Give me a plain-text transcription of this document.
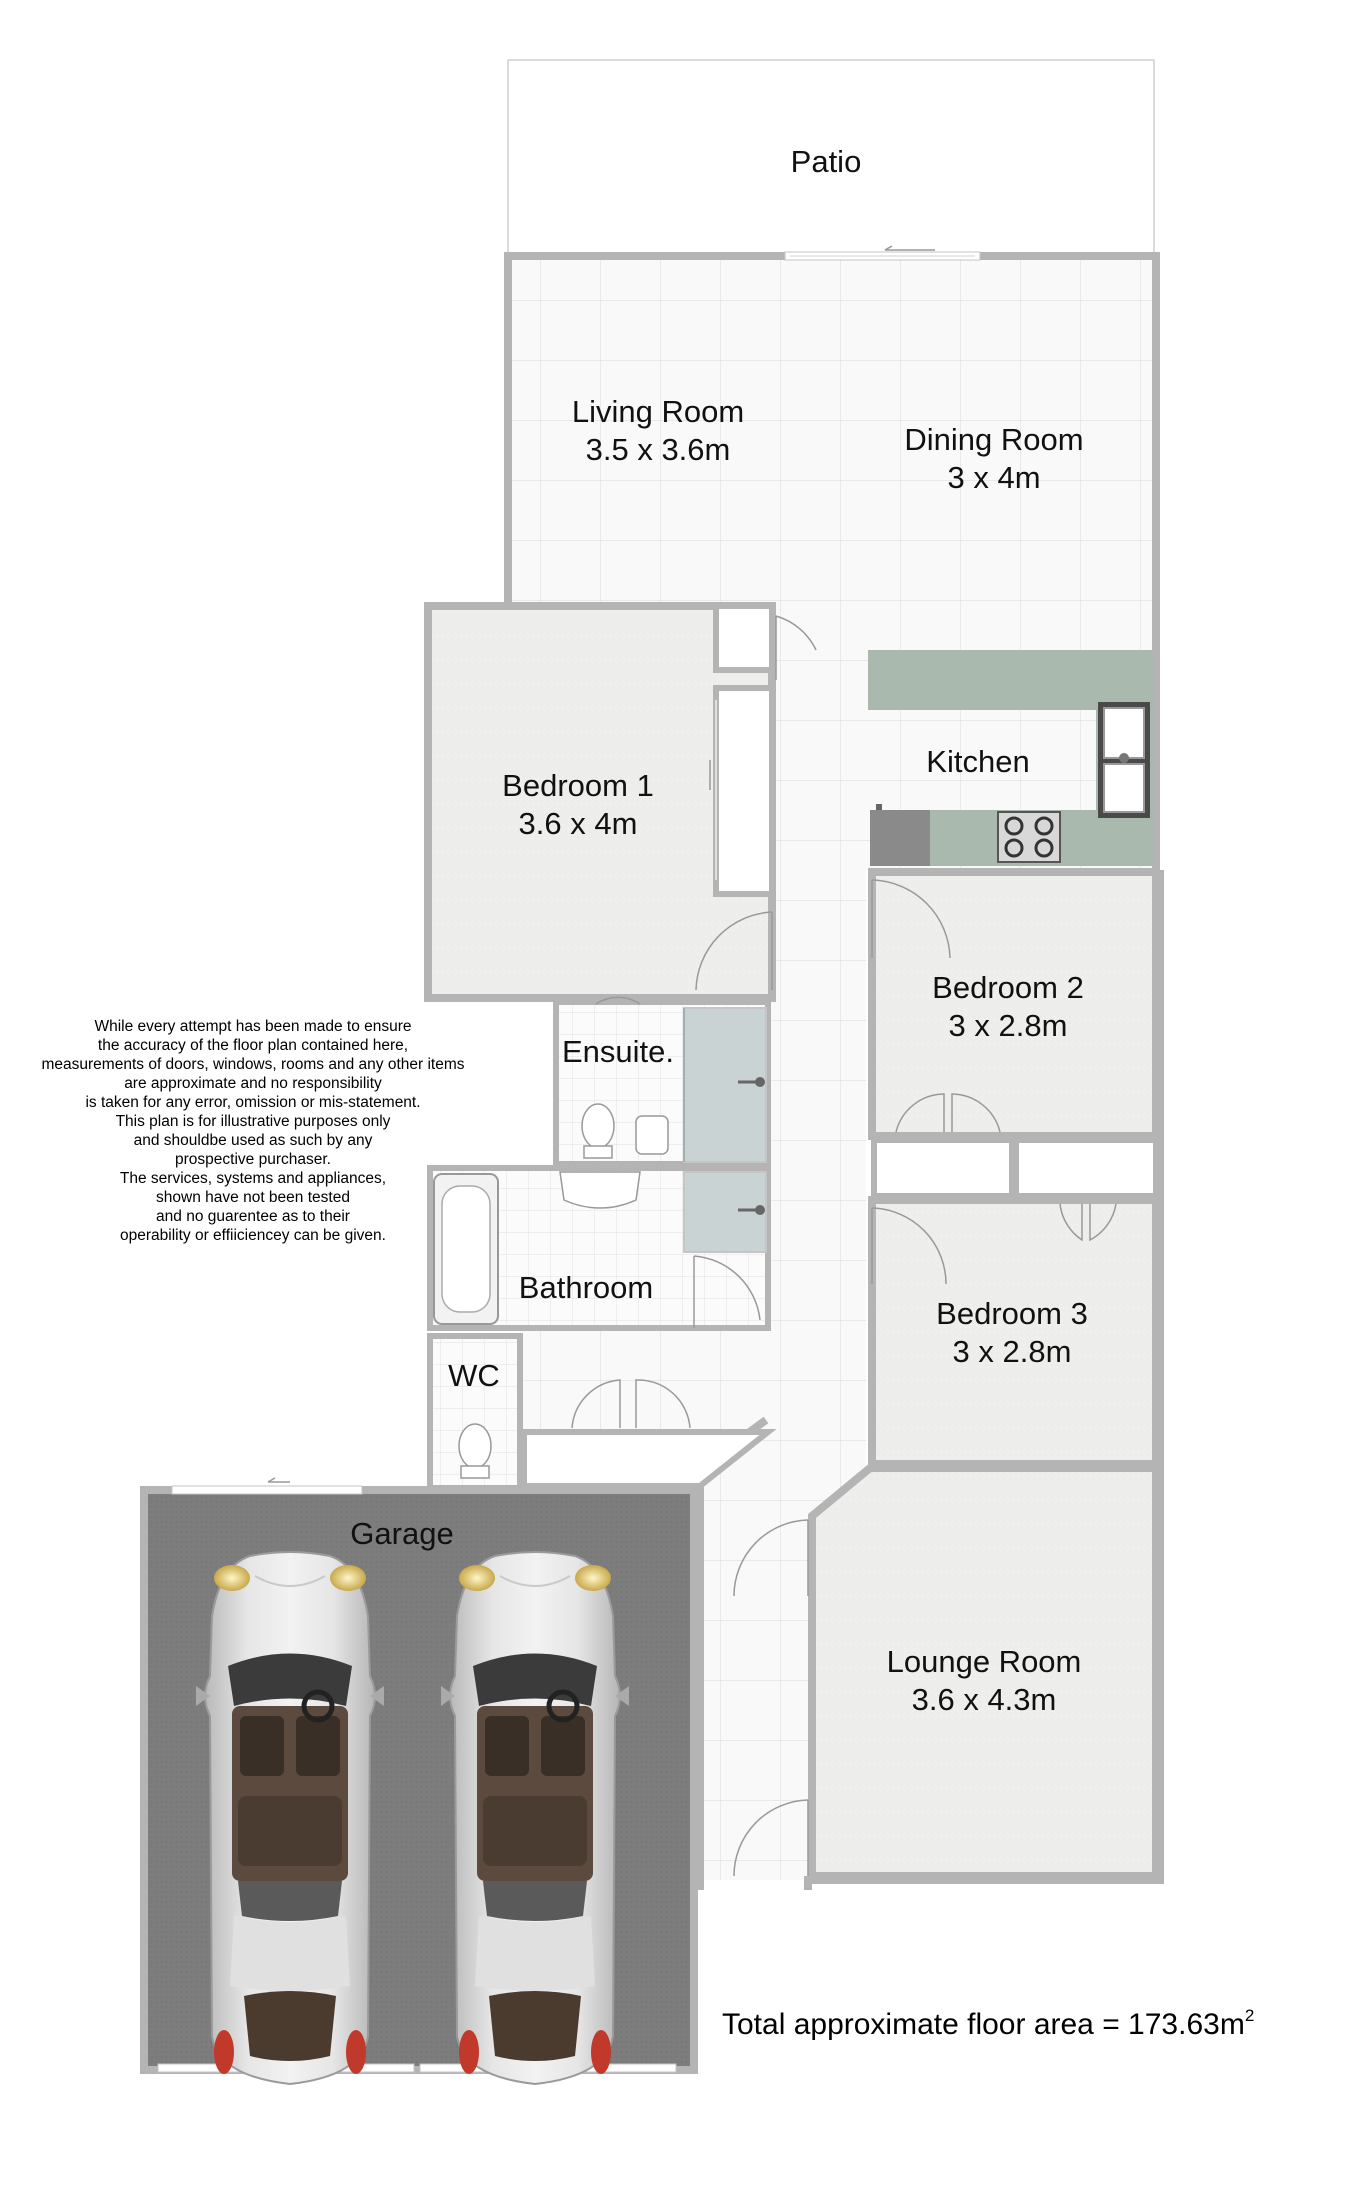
Patio
Bedroom 1
3.6 x 4m
Kitchen
Living Room
3.5 x 3.6m	Dining Room
3 x 4m
Bedroom 2
3 x 2.8m
Bedroom 3
3 x 2.8m
Lounge Room
3.6 x 4.3m
Ensuite.
Bathroom
WC
Garage
While every attempt has been made to ensure
the accuracy of the floor plan contained here,
measurements of doors, windows, rooms and any other items
are approximate and no responsibility
is taken for any error, omission or mis-statement.
This plan is for illustrative purposes only
and shouldbe used as such by any
prospective purchaser.
The services, systems and appliances,
shown have not been tested
and no guarentee as to their
operability or effiiciencey can be given.
Total approximate floor area = $173.63m^2$
